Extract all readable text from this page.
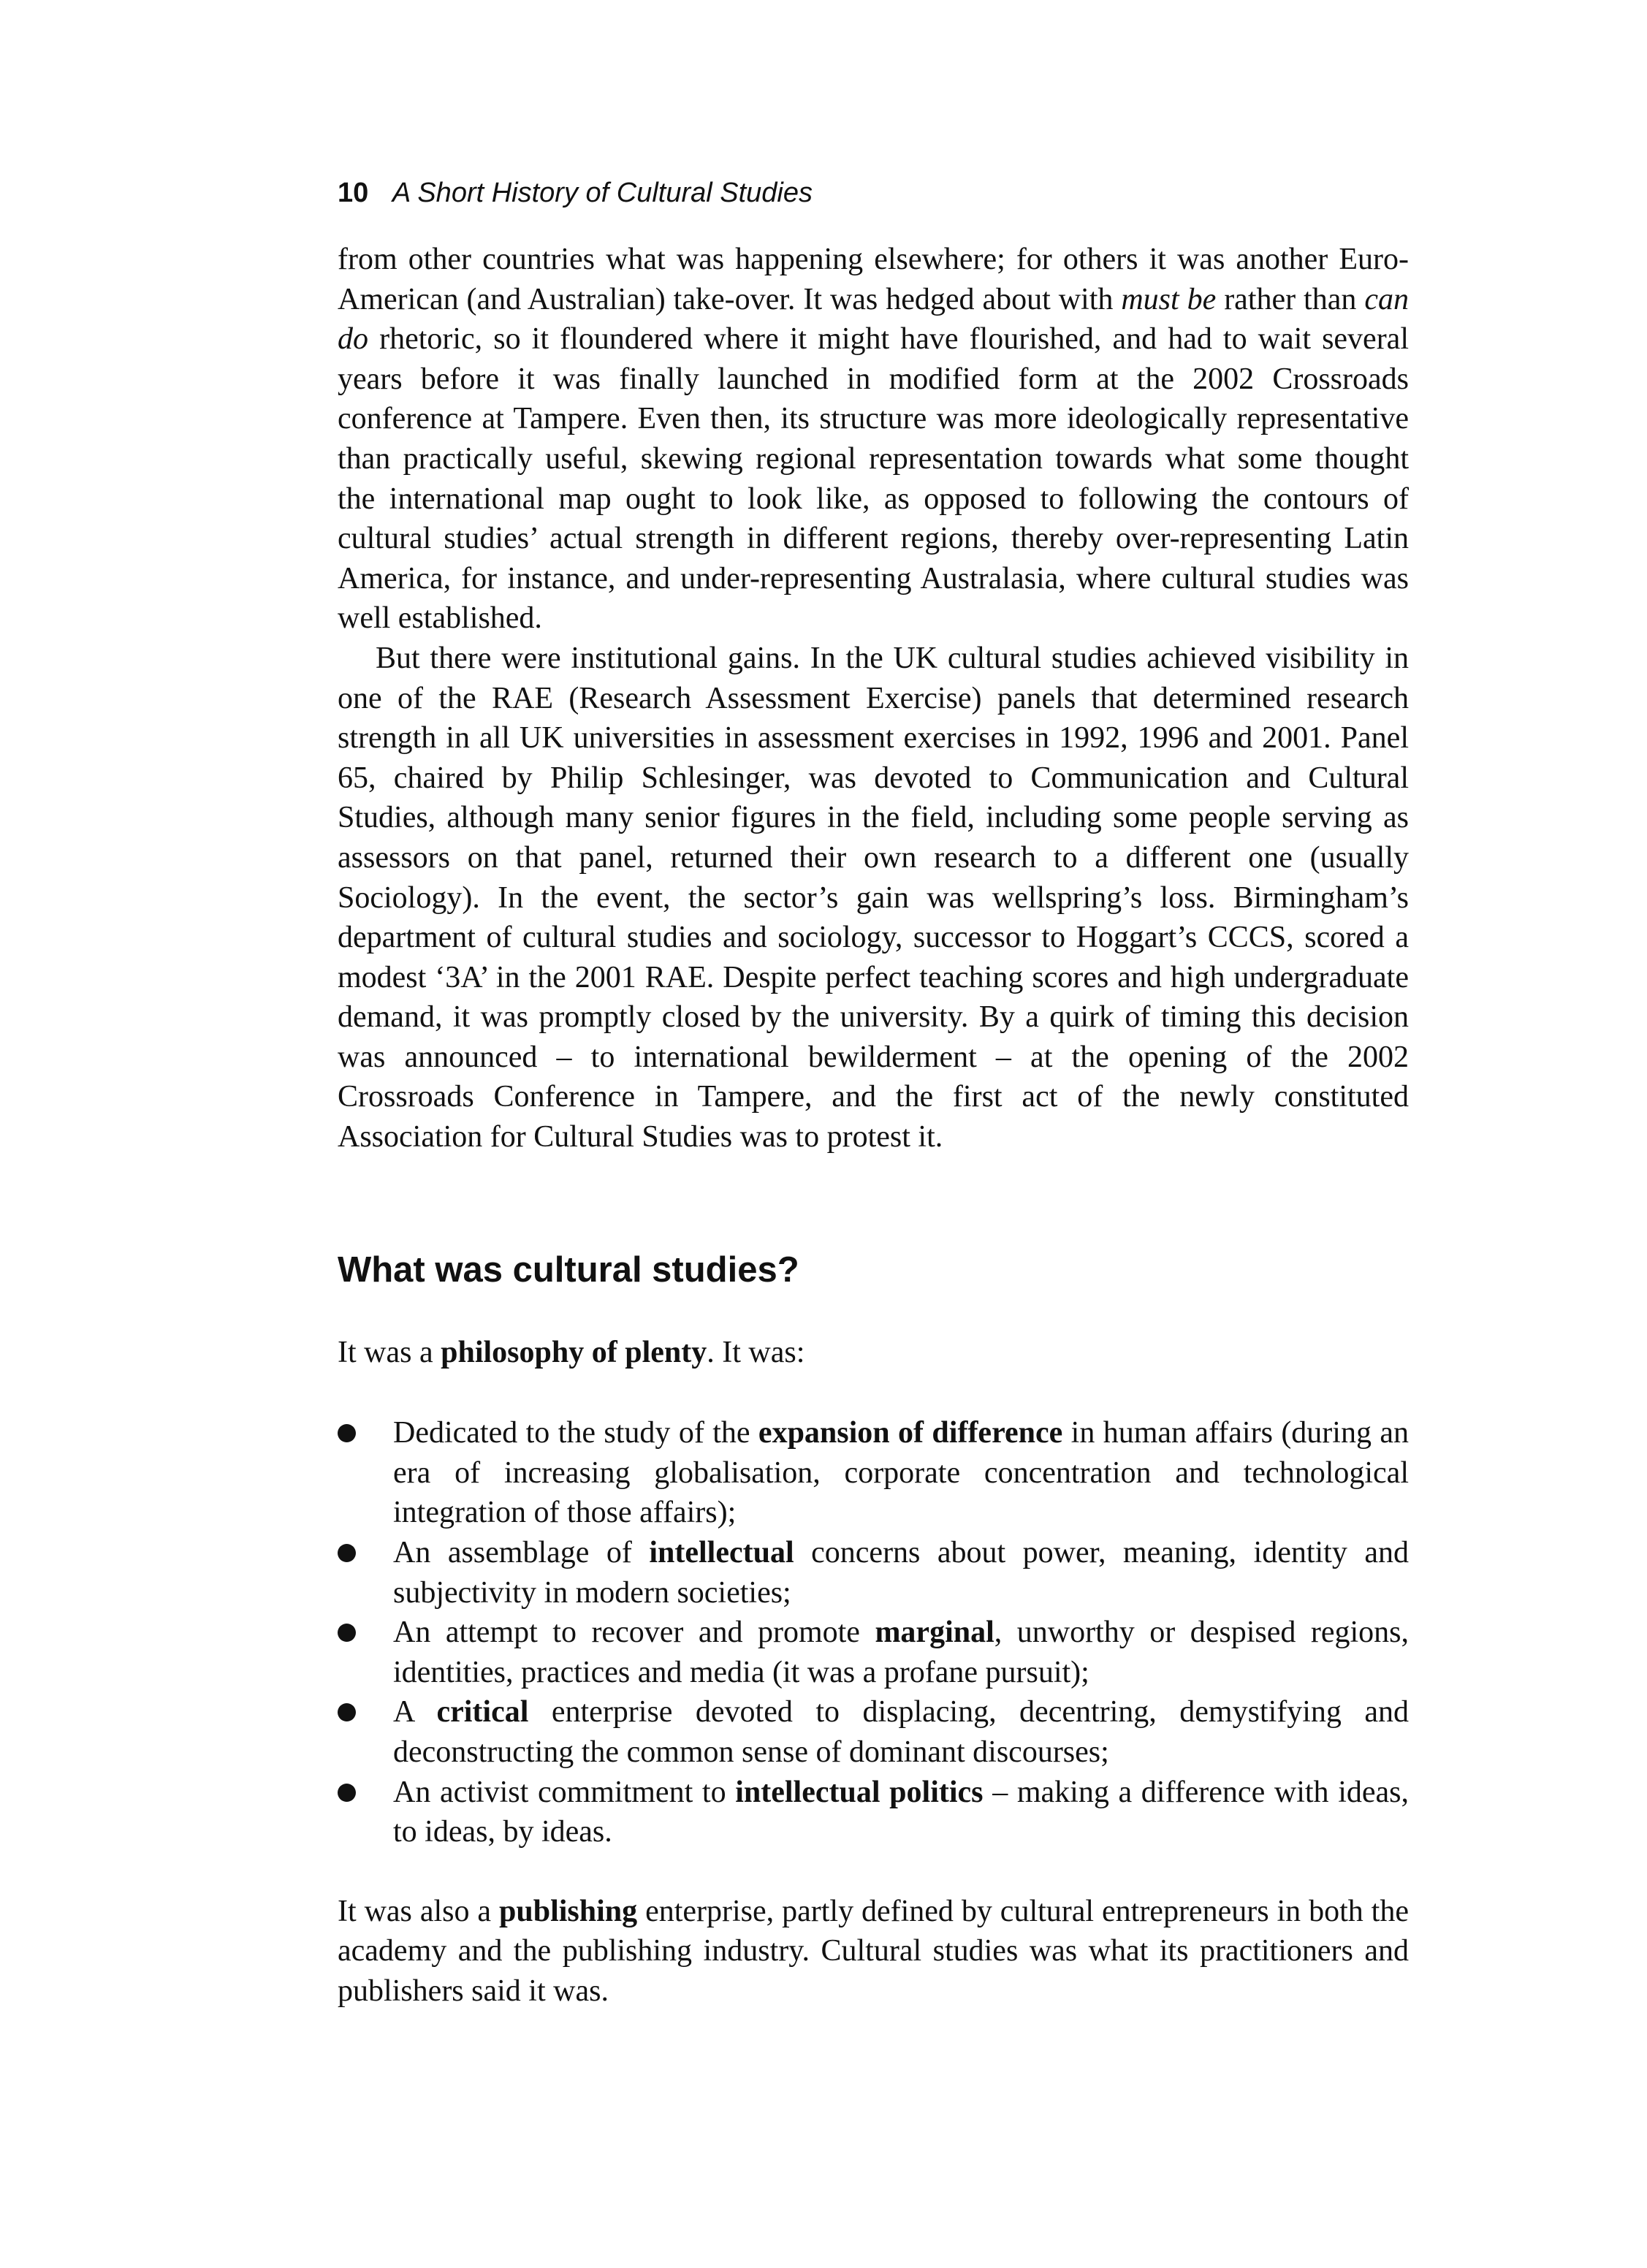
10 A Short History of Cultural Studies

from other countries what was happening elsewhere; for others it was another Euro-American (and Australian) take-over. It was hedged about with must be rather than can do rhetoric, so it floundered where it might have flourished, and had to wait several years before it was finally launched in modified form at the 2002 Crossroads conference at Tampere. Even then, its structure was more ideologically representative than practically useful, skewing regional representation towards what some thought the international map ought to look like, as opposed to following the contours of cultural studies’ actual strength in different regions, thereby over-representing Latin America, for instance, and under-representing Australasia, where cultural studies was well established.

But there were institutional gains. In the UK cultural studies achieved visibility in one of the RAE (Research Assessment Exercise) panels that determined research strength in all UK universities in assessment exercises in 1992, 1996 and 2001. Panel 65, chaired by Philip Schlesinger, was devoted to Communication and Cultural Studies, although many senior figures in the field, including some people serving as assessors on that panel, returned their own research to a different one (usually Sociology). In the event, the sector’s gain was wellspring’s loss. Birmingham’s department of cultural studies and sociology, successor to Hoggart’s CCCS, scored a modest ‘3A’ in the 2001 RAE. Despite perfect teaching scores and high undergraduate demand, it was promptly closed by the university. By a quirk of timing this decision was announced – to international bewilderment – at the opening of the 2002 Crossroads Conference in Tampere, and the first act of the newly constituted Association for Cultural Studies was to protest it.

What was cultural studies?

It was a philosophy of plenty. It was:

Dedicated to the study of the expansion of difference in human affairs (during an era of increasing globalisation, corporate concentration and technological integration of those affairs);
An assemblage of intellectual concerns about power, meaning, identity and subjectivity in modern societies;
An attempt to recover and promote marginal, unworthy or despised regions, identities, practices and media (it was a profane pursuit);
A critical enterprise devoted to displacing, decentring, demystifying and deconstructing the common sense of dominant discourses;
An activist commitment to intellectual politics – making a difference with ideas, to ideas, by ideas.

It was also a publishing enterprise, partly defined by cultural entrepreneurs in both the academy and the publishing industry. Cultural studies was what its practitioners and publishers said it was.
